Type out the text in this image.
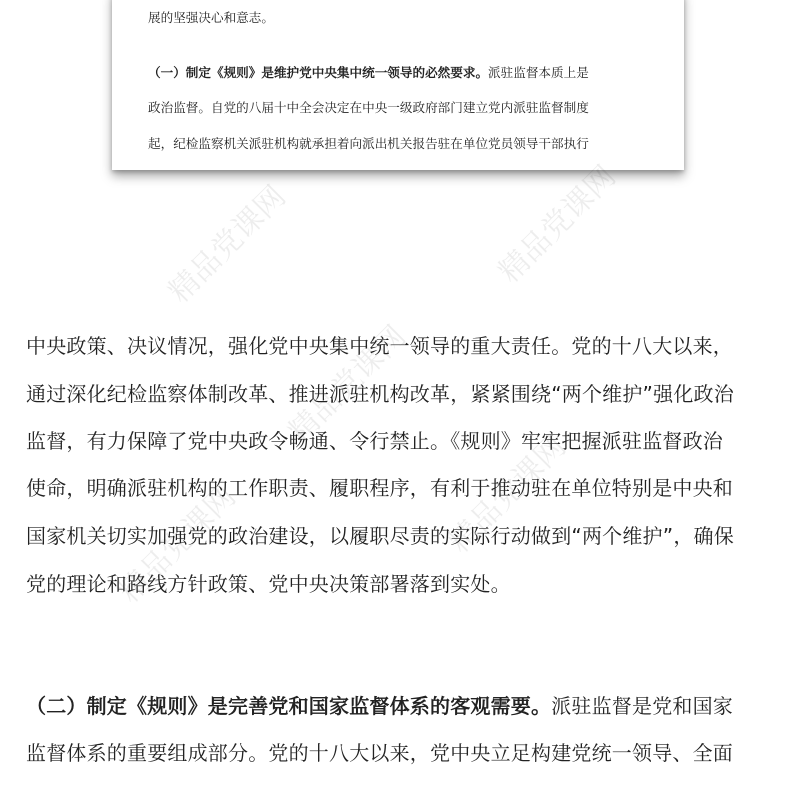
展的坚强决心和意志。
（一）制定《规则》是维护党中央集中统一领导的必然要求。派驻监督本质上是
政治监督。自党的八届十中全会决定在中央一级政府部门建立党内派驻监督制度
起，纪检监察机关派驻机构就承担着向派出机关报告驻在单位党员领导干部执行
精品党课网	精品党课网
精品党课网
精品党课网	精品党课网
中央政策、决议情况，强化党中央集中统一领导的重大责任。党的十八大以来，
通过深化纪检监察体制改革、推进派驻机构改革，紧紧围绕“两个维护”强化政治
监督，有力保障了党中央政令畅通、令行禁止。《规则》牢牢把握派驻监督政治
使命，明确派驻机构的工作职责、履职程序，有利于推动驻在单位特别是中央和
国家机关切实加强党的政治建设，以履职尽责的实际行动做到“两个维护”，确保
党的理论和路线方针政策、党中央决策部署落到实处。
（二）制定《规则》是完善党和国家监督体系的客观需要。派驻监督是党和国家
监督体系的重要组成部分。党的十八大以来，党中央立足构建党统一领导、全面
